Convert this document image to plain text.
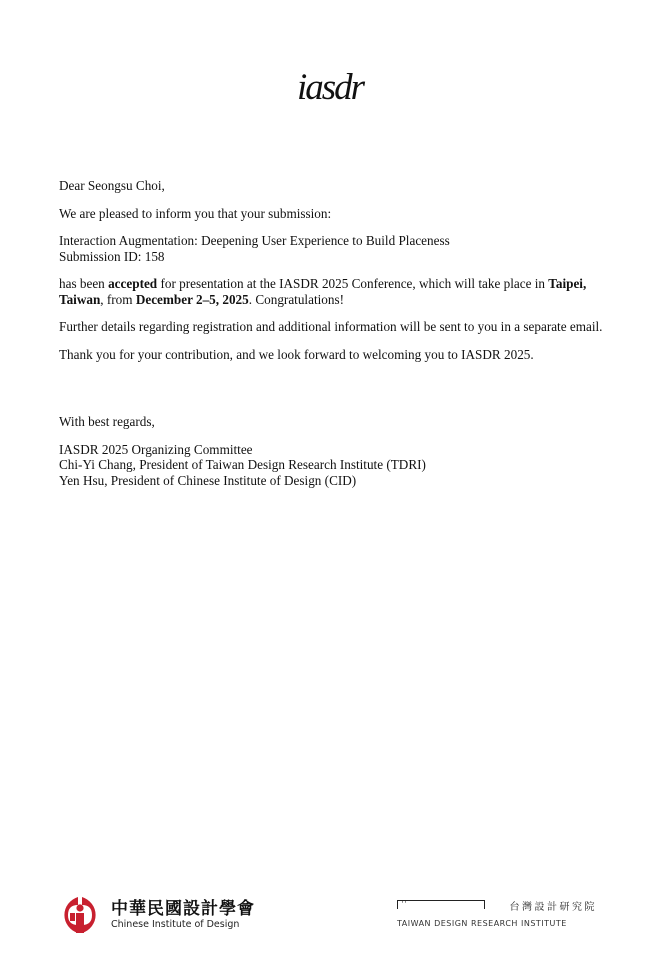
iasdr

Dear Seongsu Choi,

We are pleased to inform you that your submission:

Interaction Augmentation: Deepening User Experience to Build Placeness
Submission ID: 158

has been accepted for presentation at the IASDR 2025 Conference, which will take place in Taipei, Taiwan, from December 2–5, 2025. Congratulations!

Further details regarding registration and additional information will be sent to you in a separate email.

Thank you for your contribution, and we look forward to welcoming you to IASDR 2025.

With best regards,

IASDR 2025 Organizing Committee
Chi-Yi Chang, President of Taiwan Design Research Institute (TDRI)
Yen Hsu, President of Chinese Institute of Design (CID)

中華民國設計學會
Chinese Institute of Design
··
台灣設計研究院
TAIWAN DESIGN RESEARCH INSTITUTE
